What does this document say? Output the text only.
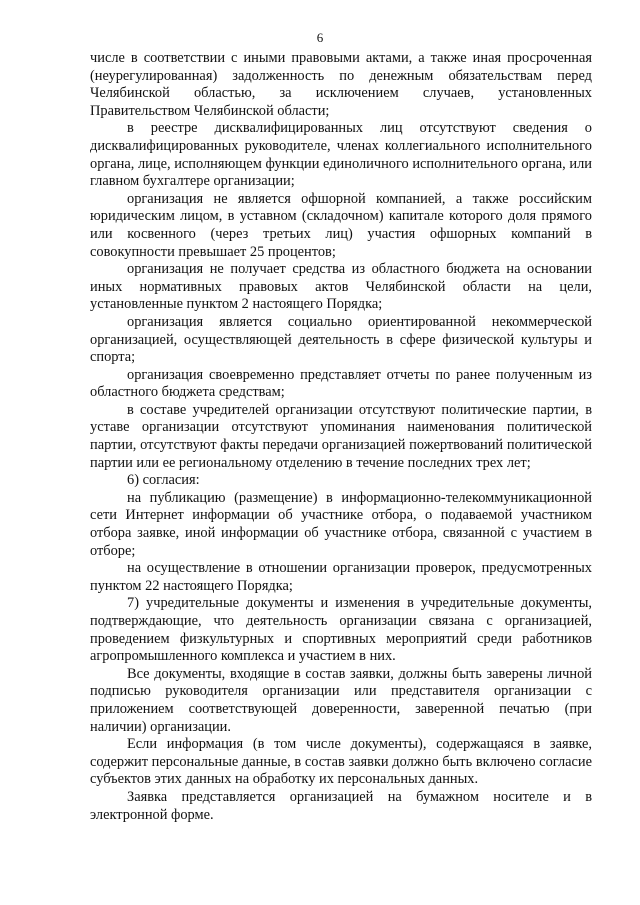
6

числе в соответствии с иными правовыми актами, а также иная просроченная (неурегулированная) задолженность по денежным обязательствам перед Челябинской областью, за исключением случаев, установленных Правительством Челябинской области;

в реестре дисквалифицированных лиц отсутствуют сведения о дисквалифицированных руководителе, членах коллегиального исполнительного органа, лице, исполняющем функции единоличного исполнительного органа, или главном бухгалтере организации;

организация не является офшорной компанией, а также российским юридическим лицом, в уставном (складочном) капитале которого доля прямого или косвенного (через третьих лиц) участия офшорных компаний в совокупности превышает 25 процентов;

организация не получает средства из областного бюджета на основании иных нормативных правовых актов Челябинской области на цели, установленные пунктом 2 настоящего Порядка;

организация является социально ориентированной некоммерческой организацией, осуществляющей деятельность в сфере физической культуры и спорта;

организация своевременно представляет отчеты по ранее полученным из областного бюджета средствам;

в составе учредителей организации отсутствуют политические партии, в уставе организации отсутствуют упоминания наименования политической партии, отсутствуют факты передачи организацией пожертвований политической партии или ее региональному отделению в течение последних трех лет;

6) согласия:

на публикацию (размещение) в информационно-телекоммуникационной сети Интернет информации об участнике отбора, о подаваемой участником отбора заявке, иной информации об участнике отбора, связанной с участием в отборе;

на осуществление в отношении организации проверок, предусмотренных пунктом 22 настоящего Порядка;

7) учредительные документы и изменения в учредительные документы, подтверждающие, что деятельность организации связана с организацией, проведением физкультурных и спортивных мероприятий среди работников агропромышленного комплекса и участием в них.

Все документы, входящие в состав заявки, должны быть заверены личной подписью руководителя организации или представителя организации с приложением соответствующей доверенности, заверенной печатью (при наличии) организации.

Если информация (в том числе документы), содержащаяся в заявке, содержит персональные данные, в состав заявки должно быть включено согласие субъектов этих данных на обработку их персональных данных.

Заявка представляется организацией на бумажном носителе и в электронной форме.
